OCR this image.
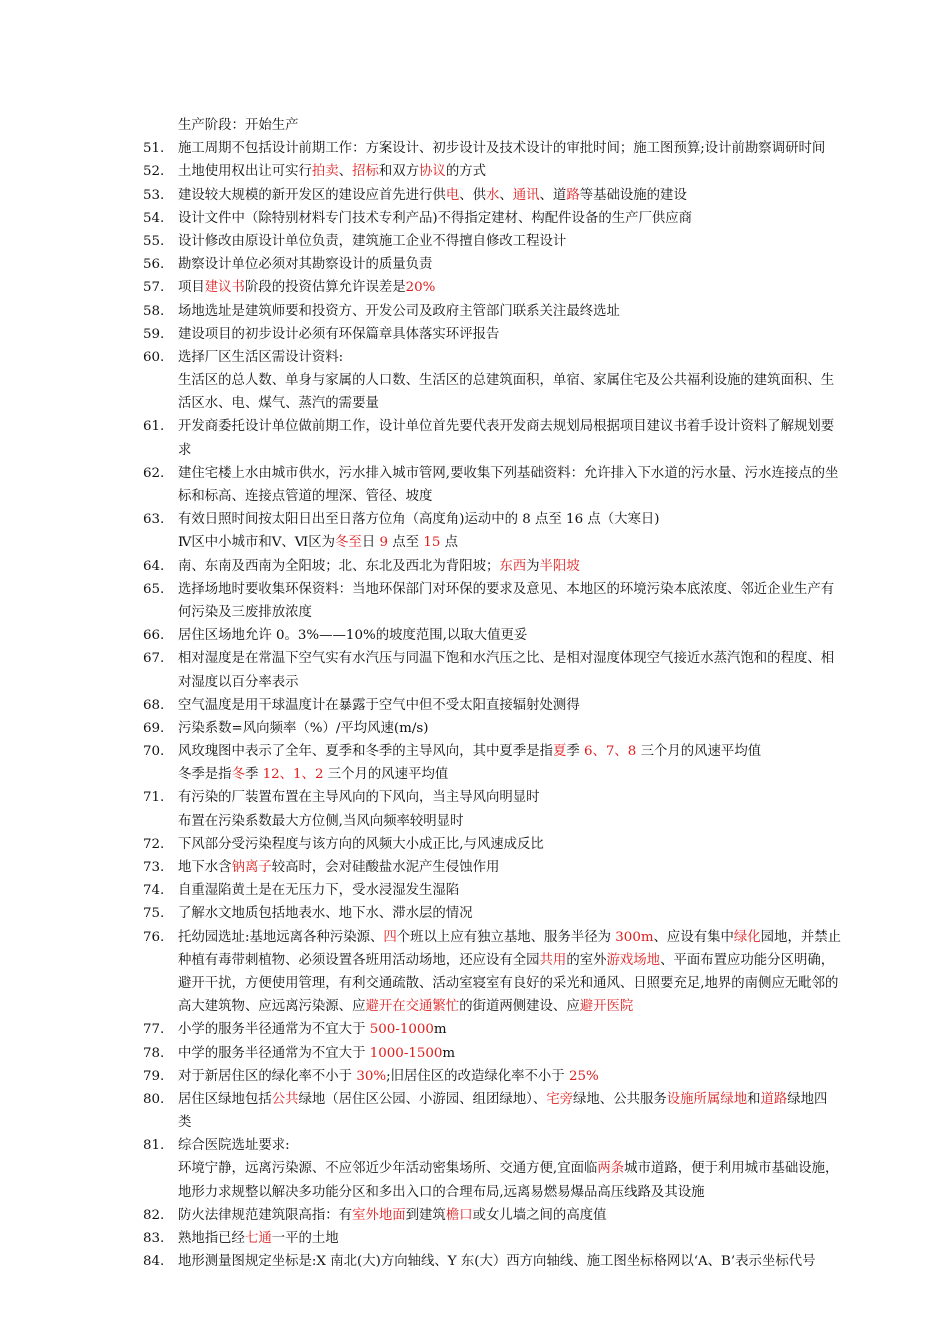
生产阶段：开始生产
51.	施工周期不包括设计前期工作：方案设计、初步设计及技术设计的审批时间；施工图预算;设计前勘察调研时间
52.	土地使用权出让可实行拍卖、招标和双方协议的方式
53.	建设较大规模的新开发区的建设应首先进行供电、供水、通讯、道路等基础设施的建设
54.	设计文件中（除特别材料专门技术专利产品)不得指定建材、构配件设备的生产厂供应商
55.	设计修改由原设计单位负责，建筑施工企业不得擅自修改工程设计
56.	勘察设计单位必须对其勘察设计的质量负责
57.	项目建议书阶段的投资估算允许误差是20%
58.	场地选址是建筑师要和投资方、开发公司及政府主管部门联系关注最终选址
59.	建设项目的初步设计必须有环保篇章具体落实环评报告
60.	选择厂区生活区需设计资料:
生活区的总人数、单身与家属的人口数、生活区的总建筑面积，单宿、家属住宅及公共福利设施的建筑面积、生
活区水、电、煤气、蒸汽的需要量
61.	开发商委托设计单位做前期工作，设计单位首先要代表开发商去规划局根据项目建议书着手设计资料了解规划要
求
62.	建住宅楼上水由城市供水，污水排入城市管网,要收集下列基础资料：允许排入下水道的污水量、污水连接点的坐
标和标高、连接点管道的埋深、管径、坡度
63.	有效日照时间按太阳日出至日落方位角（高度角)运动中的 8 点至 16 点（大寒日)
Ⅳ区中小城市和Ⅴ、Ⅵ区为冬至日 9 点至 15 点
64.	南、东南及西南为全阳坡；北、东北及西北为背阳坡；东西为半阳坡
65.	选择场地时要收集环保资料：当地环保部门对环保的要求及意见、本地区的环境污染本底浓度、邻近企业生产有
何污染及三废排放浓度
66.	居住区场地允许 0。3%——10%的坡度范围,以取大值更妥
67.	相对湿度是在常温下空气实有水汽压与同温下饱和水汽压之比、是相对湿度体现空气接近水蒸汽饱和的程度、相
对湿度以百分率表示
68.	空气温度是用干球温度计在暴露于空气中但不受太阳直接辐射处测得
69.	污染系数=风向频率（%）/平均风速(m/s)
70.	风玫瑰图中表示了全年、夏季和冬季的主导风向，其中夏季是指夏季 6、7、8 三个月的风速平均值
冬季是指冬季 12、1、2 三个月的风速平均值
71.	有污染的厂装置布置在主导风向的下风向，当主导风向明显时
布置在污染系数最大方位侧,当风向频率较明显时
72.	下风部分受污染程度与该方向的风频大小成正比,与风速成反比
73.	地下水含钠离子较高时，会对硅酸盐水泥产生侵蚀作用
74.	自重湿陷黄土是在无压力下，受水浸湿发生湿陷
75.	了解水文地质包括地表水、地下水、滞水层的情况
76.	托幼园选址:基地远离各种污染源、四个班以上应有独立基地、服务半径为 300m、应设有集中绿化园地，并禁止
种植有毒带刺植物、必须设置各班用活动场地，还应设有全园共用的室外游戏场地、平面布置应功能分区明确，
避开干扰，方便使用管理，有利交通疏散、活动室寝室有良好的采光和通风、日照要充足,地界的南侧应无毗邻的
高大建筑物、应远离污染源、应避开在交通繁忙的街道两侧建设、应避开医院
77.	小学的服务半径通常为不宜大于 500-1000m
78.	中学的服务半径通常为不宜大于 1000-1500m
79.	对于新居住区的绿化率不小于 30%;旧居住区的改造绿化率不小于 25%
80.	居住区绿地包括公共绿地（居住区公园、小游园、组团绿地）、宅旁绿地、公共服务设施所属绿地和道路绿地四
类
81.	综合医院选址要求:
环境宁静，远离污染源、不应邻近少年活动密集场所、交通方便,宜面临两条城市道路，便于利用城市基础设施，
地形力求规整以解决多功能分区和多出入口的合理布局,远离易燃易爆品高压线路及其设施
82.	防火法律规范建筑限高指：有室外地面到建筑檐口或女儿墙之间的高度值
83.	熟地指已经七通一平的土地
84.	地形测量图规定坐标是:X 南北(大)方向轴线、Y 东(大）西方向轴线、施工图坐标格网以‘A、B’表示坐标代号
